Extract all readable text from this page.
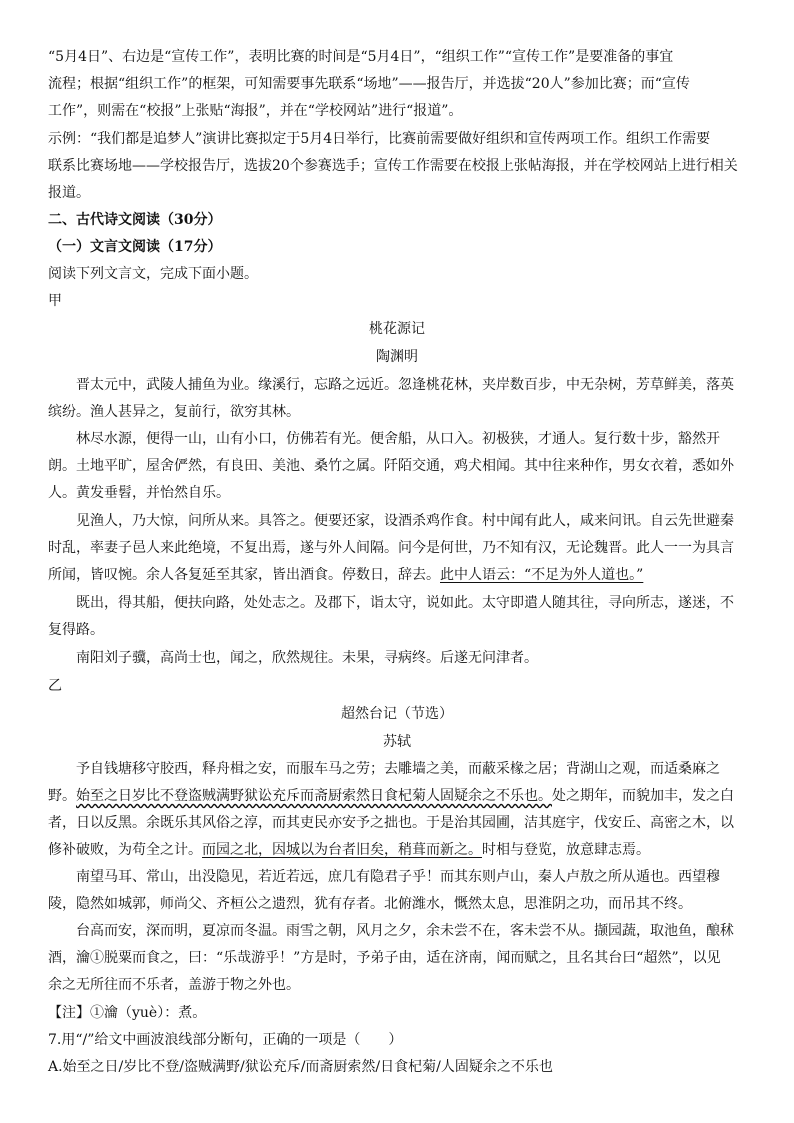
“5月4日”、右边是“宣传工作”，表明比赛的时间是“5月4日”，“组织工作”“宣传工作”是要准备的事宜
流程；根据“组织工作”的框架，可知需要事先联系“场地”——报告厅，并选拔“20人”参加比赛；而“宣传
工作”，则需在“校报”上张贴“海报”，并在“学校网站”进行“报道”。
示例：“我们都是追梦人”演讲比赛拟定于5月4日举行，比赛前需要做好组织和宣传两项工作。组织工作需要
联系比赛场地——学校报告厅，选拔20个参赛选手；宣传工作需要在校报上张帖海报，并在学校网站上进行相关
报道。
二、古代诗文阅读（30分）
（一）文言文阅读（17分）
阅读下列文言文，完成下面小题。
甲
桃花源记
陶渊明
晋太元中，武陵人捕鱼为业。缘溪行，忘路之远近。忽逢桃花林，夹岸数百步，中无杂树，芳草鲜美，落英
缤纷。渔人甚异之，复前行，欲穷其林。
林尽水源，便得一山，山有小口，仿佛若有光。便舍船，从口入。初极狭，才通人。复行数十步，豁然开
朗。土地平旷，屋舍俨然，有良田、美池、桑竹之属。阡陌交通，鸡犬相闻。其中往来种作，男女衣着，悉如外
人。黄发垂髫，并怡然自乐。
见渔人，乃大惊，问所从来。具答之。便要还家，设酒杀鸡作食。村中闻有此人，咸来问讯。自云先世避秦
时乱，率妻子邑人来此绝境，不复出焉，遂与外人间隔。问今是何世，乃不知有汉，无论魏晋。此人一一为具言
所闻，皆叹惋。余人各复延至其家，皆出酒食。停数日，辞去。此中人语云：“不足为外人道也。”
既出，得其船，便扶向路，处处志之。及郡下，诣太守，说如此。太守即遣人随其往，寻向所志，遂迷，不
复得路。
南阳刘子骥，高尚士也，闻之，欣然规往。未果，寻病终。后遂无问津者。
乙
超然台记（节选）
苏轼
予自钱塘移守胶西，释舟楫之安，而服车马之劳；去雕墙之美，而蔽采椽之居；背湖山之观，而适桑麻之
野。始至之日岁比不登盗贼满野狱讼充斥而斋厨索然日食杞菊人固疑余之不乐也。处之期年，而貌加丰，发之白
者，日以反黑。余既乐其风俗之淳，而其吏民亦安予之拙也。于是治其园圃，洁其庭宇，伐安丘、高密之木，以
修补破败，为苟全之计。而园之北，因城以为台者旧矣，稍葺而新之。时相与登览，放意肆志焉。
南望马耳、常山，出没隐见，若近若远，庶几有隐君子乎！而其东则卢山，秦人卢敖之所从遁也。西望穆
陵，隐然如城郭，师尚父、齐桓公之遗烈，犹有存者。北俯潍水，慨然太息，思淮阴之功，而吊其不终。
台高而安，深而明，夏凉而冬温。雨雪之朝，风月之夕，余未尝不在，客未尝不从。撷园蔬，取池鱼，酿秫
酒，瀹①脱粟而食之，曰：“乐哉游乎！”方是时，予弟子由，适在济南，闻而赋之，且名其台曰“超然”，以见
余之无所往而不乐者，盖游于物之外也。
【注】①瀹（yuè）：煮。
7.用“/”给文中画波浪线部分断句，正确的一项是（　　）
A.始至之日/岁比不登/盗贼满野/狱讼充斥/而斋厨索然/日食杞菊/人固疑余之不乐也
